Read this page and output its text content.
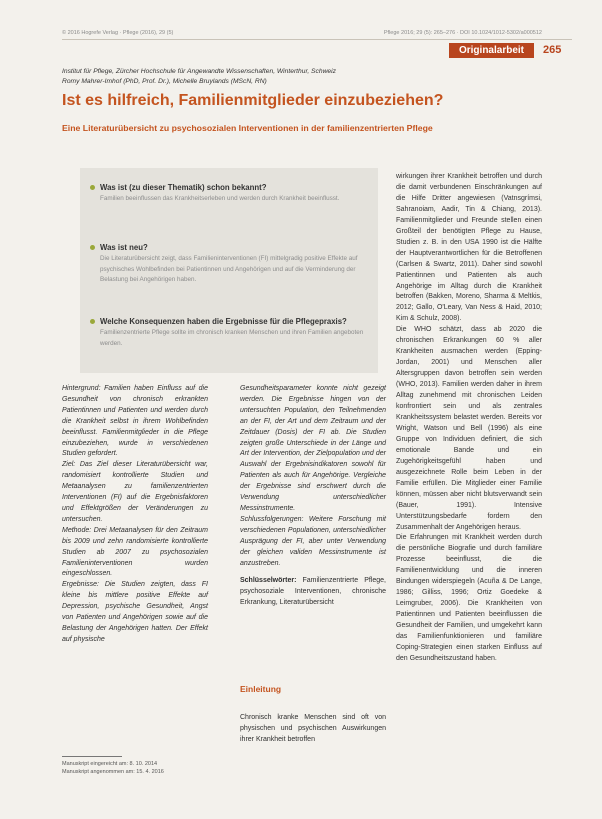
© 2016 Hogrefe Verlag · Pflege (2016), 29 (5)	Pflege 2016; 29 (5): 265–276 · DOI 10.1024/1012-5302/a000512
Originalarbeit	265
Institut für Pflege, Zürcher Hochschule für Angewandte Wissenschaften, Winterthur, Schweiz
Romy Mahrer-Imhof (PhD, Prof. Dr.), Michelle Bruylands (MScN, RN)
Ist es hilfreich, Familienmitglieder einzubeziehen?
Eine Literaturübersicht zu psychosozialen Interventionen in der familienzentrierten Pflege
Was ist (zu dieser Thematik) schon bekannt?
Familien beeinflussen das Krankheitserleben und werden durch Krankheit beeinflusst.
Was ist neu?
Die Literaturübersicht zeigt, dass Familieninterventionen (FI) mittelgradig positive Effekte auf psychisches Wohlbefinden bei Patientinnen und Angehörigen und auf die Verminderung der Belastung bei Angehörigen haben.
Welche Konsequenzen haben die Ergebnisse für die Pflegepraxis?
Familienzentrierte Pflege sollte im chronisch kranken Menschen und ihren Familien angeboten werden.

Hintergrund: Familien haben Einfluss auf die Gesundheit von chronisch erkrankten Patientinnen und Patienten und werden durch die Krankheit selbst in ihrem Wohlbefinden beeinflusst. Familienmitglieder in die Pflege einzubeziehen, wurde in verschiedenen Studien gefordert.

Ziel: Das Ziel dieser Literaturübersicht war, randomisiert kontrollierte Studien und Metaanalysen zu familienzentrierten Interventionen (FI) auf die Ergebnisfaktoren und Effektgrößen der Veränderungen zu untersuchen.

Methode: Drei Metaanalysen für den Zeitraum bis 2009 und zehn randomisierte kontrollierte Studien ab 2007 zu psychosozialen Familieninterventionen wurden eingeschlossen.

Ergebnisse: Die Studien zeigten, dass FI kleine bis mittlere positive Effekte auf Depression, psychische Gesundheit, Angst von Patienten und Angehörigen sowie auf die Belastung der Angehörigen hatten. Der Effekt auf physische

Gesundheitsparameter konnte nicht gezeigt werden. Die Ergebnisse hingen von der untersuchten Population, den Teilnehmenden an der FI, der Art und dem Zeitraum und der Zeitdauer (Dosis) der FI ab. Die Studien zeigten große Unterschiede in der Länge und Art der Intervention, der Zielpopulation und der Auswahl der Ergebnisindikatoren sowohl für Patienten als auch für Angehörige. Vergleiche der Ergebnisse sind erschwert durch die Verwendung unterschiedlicher Messinstrumente.

Schlussfolgerungen: Weitere Forschung mit verschiedenen Populationen, unterschiedlicher Ausprägung der FI, aber unter Verwendung der gleichen validen Messinstrumente ist anzustreben.

Schlüsselwörter: Familienzentrierte Pflege, psychosoziale Interventionen, chronische Erkrankung, Literaturübersicht
Einleitung
Chronisch kranke Menschen sind oft von physischen und psychischen Auswirkungen ihrer Krankheit betroffen

wirkungen ihrer Krankheit betroffen und durch die damit verbundenen Einschränkungen auf die Hilfe Dritter angewiesen (Vatnsgrímsi, Sahranoiam, Aadir, Tin & Chiang, 2013). Familienmitglieder und Freunde stellen einen Großteil der benötigten Pflege zu Hause, Studien z. B. in den USA 1990 ist die Hälfte der Hauptverantwortlichen für die Betroffenen (Carlsen & Swartz, 2011). Daher sind sowohl Patientinnen und Patienten als auch Angehörige im Alltag durch die Krankheit betroffen (Bakken, Moreno, Sharma & Meltkis, 2012; Gallo, O'Leary, Van Ness & Haid, 2010; Kim & Schulz, 2008).

Die WHO schätzt, dass ab 2020 die chronischen Erkrankungen 60 % aller Krankheiten ausmachen werden (Epping-Jordan, 2001) und Menschen aller Altersgruppen davon betroffen sein werden (WHO, 2013). Familien werden daher in ihrem Alltag zunehmend mit chronischen Leiden konfrontiert sein und als zentrales Krankheitssystem belastet werden. Bereits vor Wright, Watson und Bell (1996) als eine Gruppe von Individuen definiert, die sich emotionale Bande und ein Zugehörigkeitsgefühl haben und ausgezeichnete Rolle beim Leben in der Familie erfüllen. Die Mitglieder einer Familie können, müssen aber nicht blutsverwandt sein (Bauer, 1991). Intensive Unterstützungsbedarfe fordern den Zusammenhalt der Angehörigen heraus.

Die Erfahrungen mit Krankheit werden durch die persönliche Biografie und durch familiäre Prozesse beeinflusst, die die Familienentwicklung und die inneren Bindungen widerspiegeln (Acuña & De Lange, 1986; Gilliss, 1996; Ortiz Goedeke & Leimgruber, 2006). Die Krankheiten von Patientinnen und Patienten beeinflussen die Gesundheit der Familien, und umgekehrt kann das Familienfunktionieren und familiäre Coping-Strategien einen starken Einfluss auf den Gesundheitszustand haben.

Manuskript eingereicht am: 8. 10. 2014
Manuskript angenommen am: 15. 4. 2016
